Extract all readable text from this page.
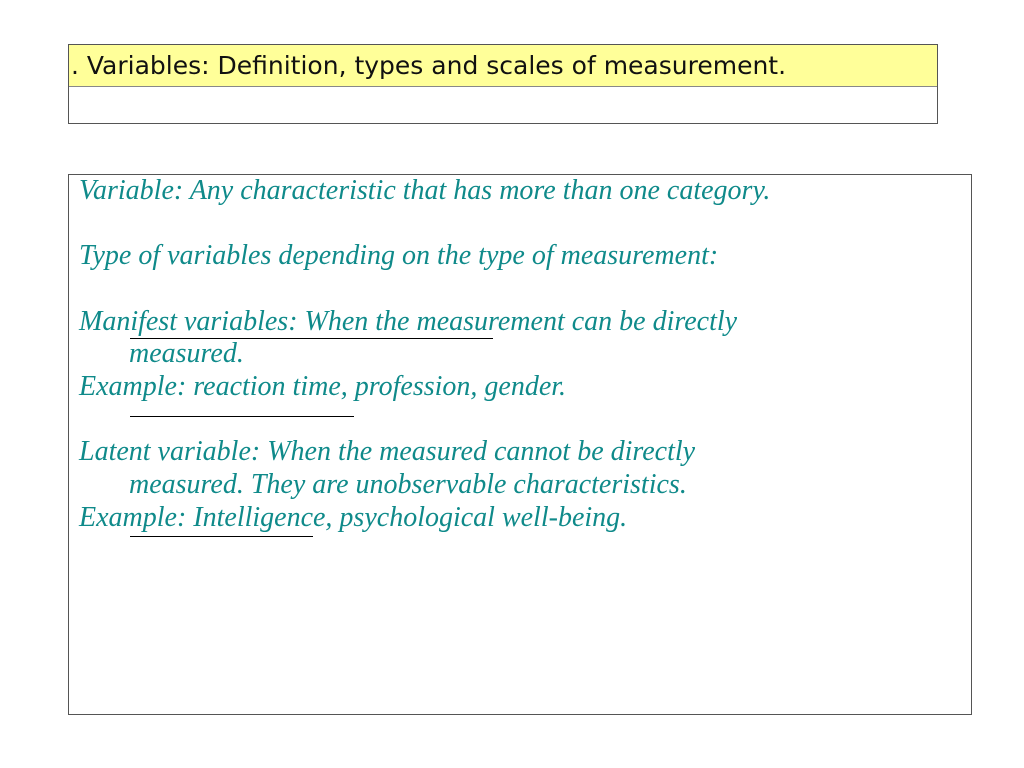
. Variables: Definition, types and scales of measurement.
Variable: Any characteristic that has more than one category.
Type of variables depending on the type of measurement:
Manifest variables: When the measurement can be directly
measured.
Example: reaction time, profession, gender.
Latent variable: When the measured cannot be directly
measured. They are unobservable characteristics.
Example: Intelligence, psychological well-being.
